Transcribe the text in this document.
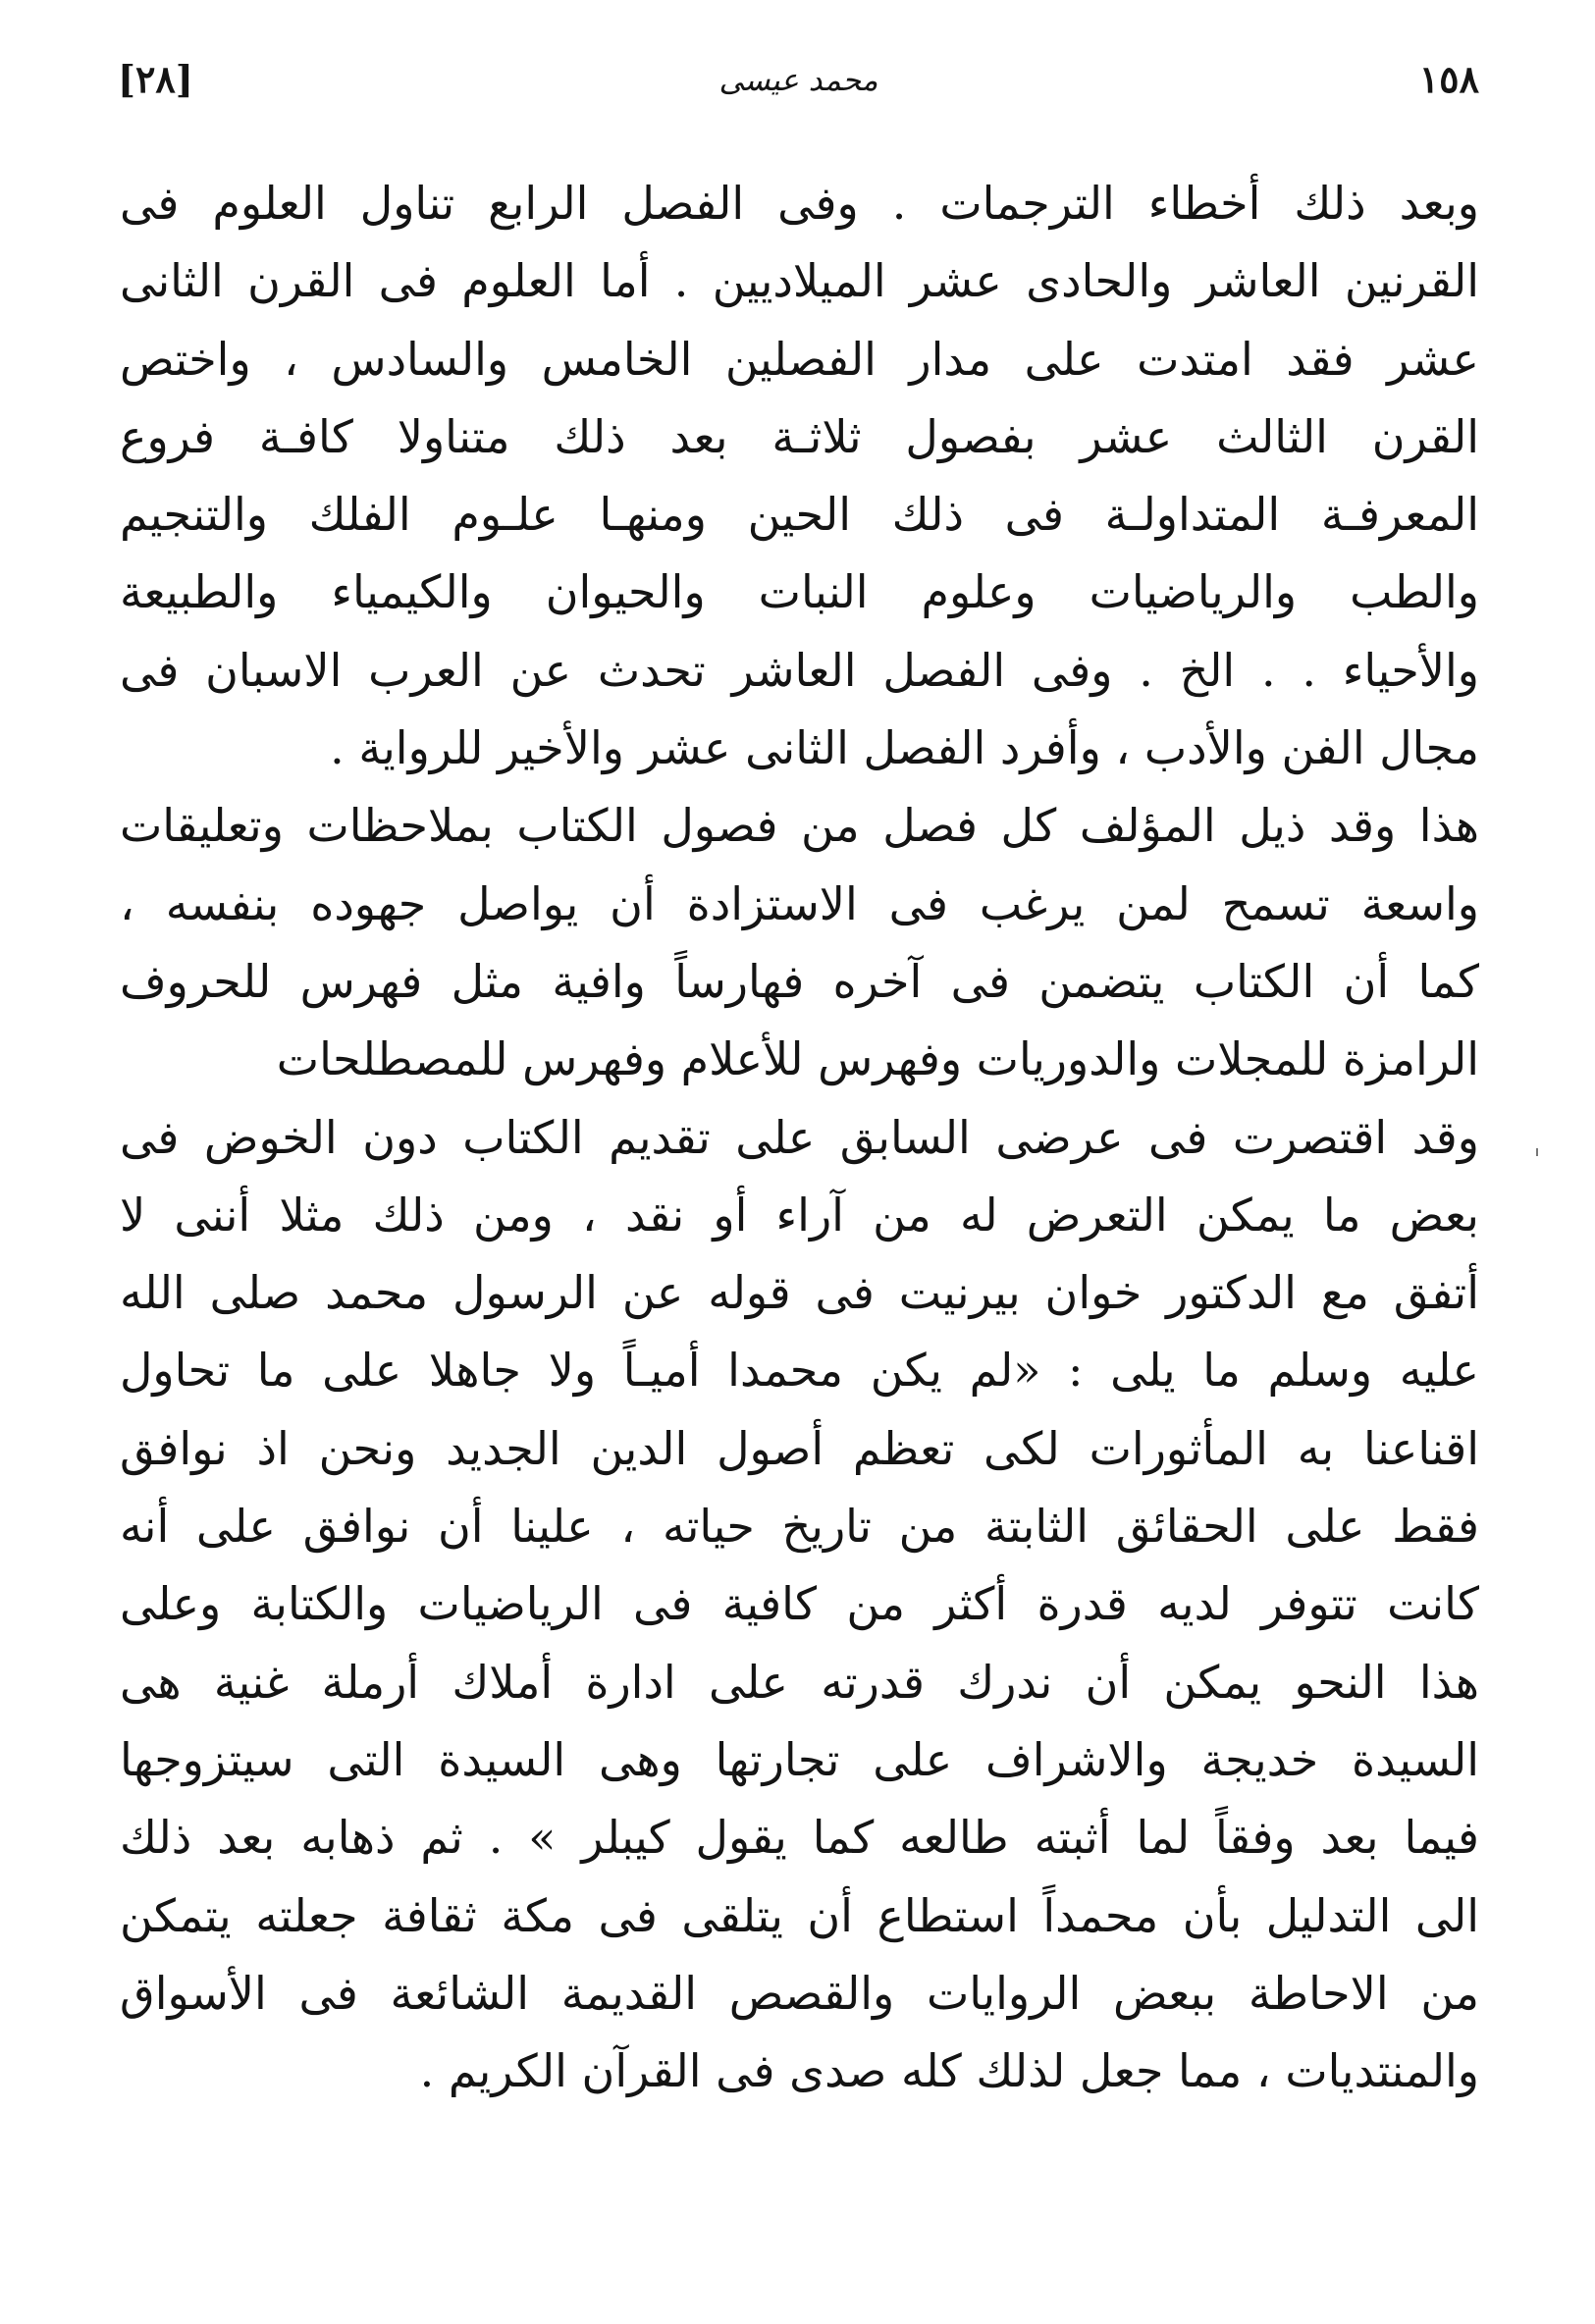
١٥٨
محمد عيسى
[٢٨]
وبعد ذلك أخطاء الترجمات . وفى الفصل الرابع تناول العلوم فى
القرنين العاشر والحادى عشر الميلاديين . أما العلوم فى القرن الثانى
عشر فقد امتدت على مدار الفصلين الخامس والسادس ، واختص
القرن الثالث عشر بفصول ثلاثـة بعد ذلك متناولا كافـة فروع
المعرفـة المتداولـة فى ذلك الحين ومنهـا علـوم الفلك والتنجيم
والطب والرياضيات وعلوم النبات والحيوان والكيمياء والطبيعة
والأحياء . . الخ . وفى الفصل العاشر تحدث عن العرب الاسبان فى
مجال الفن والأدب ، وأفرد الفصل الثانى عشر والأخير للرواية .
هذا وقد ذيل المؤلف كل فصل من فصول الكتاب بملاحظات وتعليقات
واسعة تسمح لمن يرغب فى الاستزادة أن يواصل جهوده بنفسه ،
كما أن الكتاب يتضمن فى آخره فهارساً وافية مثل فهرس للحروف
الرامزة للمجلات والدوريات وفهرس للأعلام وفهرس للمصطلحات
وقد اقتصرت فى عرضى السابق على تقديم الكتاب دون الخوض فى
بعض ما يمكن التعرض له من آراء أو نقد ، ومن ذلك مثلا أننى لا
أتفق مع الدكتور خوان بيرنيت فى قوله عن الرسول محمد صلى الله
عليه وسلم ما يلى : «لم يكن محمدا أميـاً ولا جاهلا على ما تحاول
اقناعنا به المأثورات لكى تعظم أصول الدين الجديد ونحن اذ نوافق
فقط على الحقائق الثابتة من تاريخ حياته ، علينا أن نوافق على أنه
كانت تتوفر لديه قدرة أكثر من كافية فى الرياضيات والكتابة وعلى
هذا النحو يمكن أن ندرك قدرته على ادارة أملاك أرملة غنية هى
السيدة خديجة والاشراف على تجارتها وهى السيدة التى سيتزوجها
فيما بعد وفقاً لما أثبته طالعه كما يقول كيبلر » . ثم ذهابه بعد ذلك
الى التدليل بأن محمداً استطاع أن يتلقى فى مكة ثقافة جعلته يتمكن
من الاحاطة ببعض الروايات والقصص القديمة الشائعة فى الأسواق
والمنتديات ، مما جعل لذلك كله صدى فى القرآن الكريم .
